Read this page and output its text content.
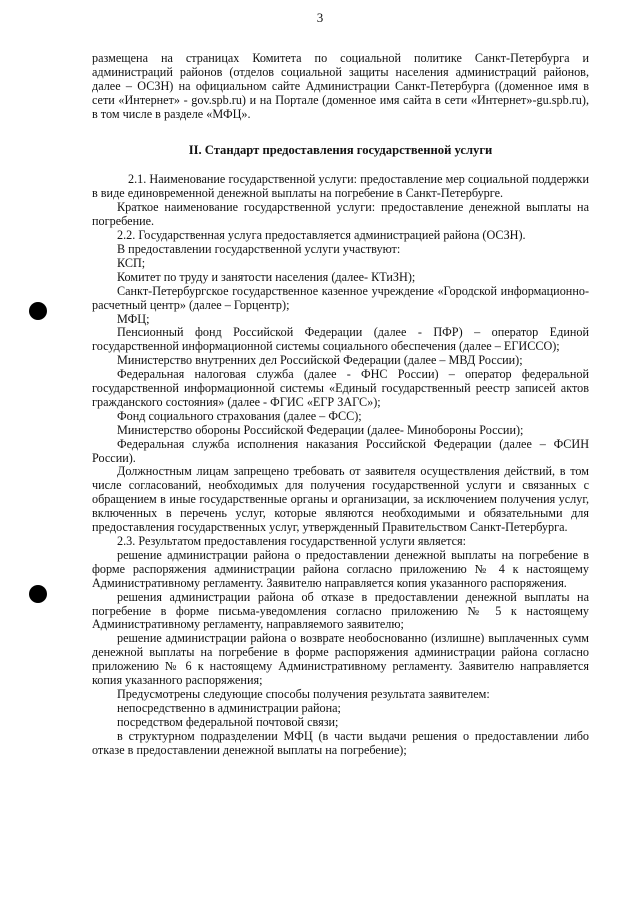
3

размещена на страницах Комитета по социальной политике Санкт-Петербурга и администраций районов (отделов социальной защиты населения администраций районов, далее – ОСЗН) на официальном сайте Администрации Санкт-Петербурга ((доменное имя в сети «Интернет» - gov.spb.ru) и на Портале (доменное имя сайта в сети «Интернет»-gu.spb.ru), в том числе в разделе «МФЦ».

II. Стандарт предоставления государственной услуги

2.1. Наименование государственной услуги: предоставление мер социальной поддержки в виде единовременной денежной выплаты на погребение в Санкт-Петербурге.

Краткое наименование государственной услуги: предоставление денежной выплаты на погребение.

2.2. Государственная услуга предоставляется администрацией района (ОСЗН).

В предоставлении государственной услуги участвуют:

КСП;

Комитет по труду и занятости населения (далее- КТиЗН);

Санкт-Петербургское государственное казенное учреждение «Городской информационно-расчетный центр» (далее – Горцентр);

МФЦ;

Пенсионный фонд Российской Федерации (далее - ПФР) – оператор Единой государственной информационной системы социального обеспечения (далее – ЕГИССО);

Министерство внутренних дел Российской Федерации (далее – МВД России);

Федеральная налоговая служба (далее - ФНС России) – оператор федеральной государственной информационной системы «Единый государственный реестр записей актов гражданского состояния» (далее - ФГИС «ЕГР ЗАГС»);

Фонд социального страхования (далее – ФСС);

Министерство обороны Российской Федерации (далее- Минобороны России);

Федеральная служба исполнения наказания Российской Федерации (далее – ФСИН России).

Должностным лицам запрещено требовать от заявителя осуществления действий, в том числе согласований, необходимых для получения государственной услуги и связанных с обращением в иные государственные органы и организации, за исключением получения услуг, включенных в перечень услуг, которые являются необходимыми и обязательными для предоставления государственных услуг, утвержденный Правительством Санкт-Петербурга.

2.3. Результатом предоставления государственной услуги является:

решение администрации района о предоставлении денежной выплаты на погребение в форме распоряжения администрации района согласно приложению № 4 к настоящему Административному регламенту. Заявителю направляется копия указанного распоряжения.

решения администрации района об отказе в предоставлении денежной выплаты на погребение в форме письма-уведомления согласно приложению № 5 к настоящему Административному регламенту, направляемого заявителю;

решение администрации района о возврате необоснованно (излишне) выплаченных сумм денежной выплаты на погребение в форме распоряжения администрации района согласно приложению № 6 к настоящему Административному регламенту. Заявителю направляется копия указанного распоряжения;

Предусмотрены следующие способы получения результата заявителем:

непосредственно в администрации района;

посредством федеральной почтовой связи;

в структурном подразделении МФЦ (в части выдачи решения о предоставлении либо отказе в предоставлении денежной выплаты на погребение);
